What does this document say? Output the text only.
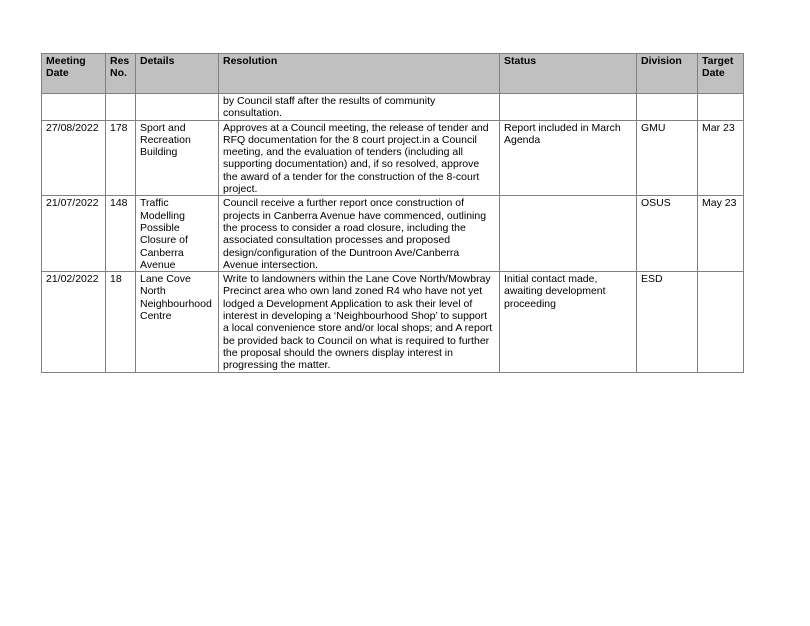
Meeting Date	Res No.	Details	Resolution	Status	Division	Target Date
			by Council staff after the results of community consultation.			
27/08/2022	178	Sport and Recreation Building	Approves at a Council meeting, the release of tender and RFQ documentation for the 8 court project.in a Council meeting, and the evaluation of tenders (including all supporting documentation) and, if so resolved, approve the award of a tender for the construction of the 8-court project.	Report included in March Agenda	GMU	Mar 23
21/07/2022	148	Traffic Modelling Possible Closure of Canberra Avenue	Council receive a further report once construction of projects in Canberra Avenue have commenced, outlining the process to consider a road closure, including the associated consultation processes and proposed design/configuration of the Duntroon Ave/Canberra Avenue intersection.		OSUS	May 23
21/02/2022	18	Lane Cove North Neighbourhood Centre	Write to landowners within the Lane Cove North/Mowbray Precinct area who own land zoned R4 who have not yet lodged a Development Application to ask their level of interest in developing a ‘Neighbourhood Shop’ to support a local convenience store and/or local shops; and A report be provided back to Council on what is required to further the proposal should the owners display interest in progressing the matter.	Initial contact made, awaiting development proceeding	ESD	
